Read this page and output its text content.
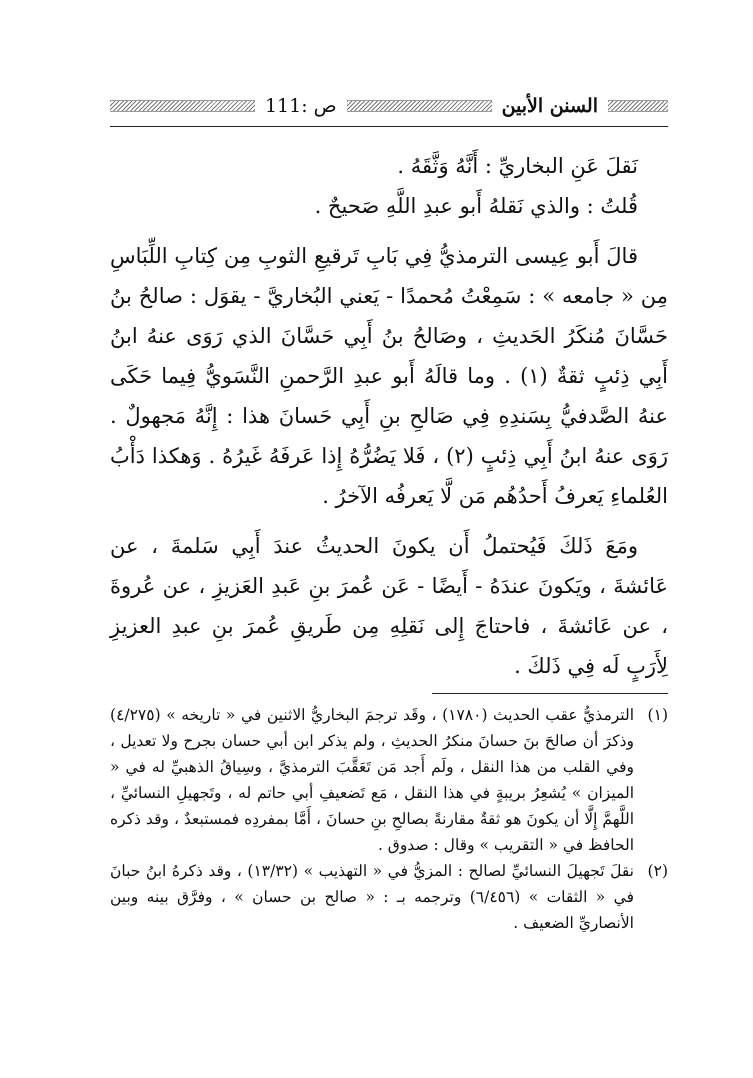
السنن الأبين
ص :111

نَقلَ عَنِ البخاريِّ : أَنَّهُ وَثَّقَهُ .

قُلتُ : والذي نَقلهُ أَبو عبدِ اللَّهِ صَحيحٌ .

قالَ أَبو عِيسى الترمذيُّ فِي بَابِ تَرقيعِ الثوبِ مِن كِتابِ اللِّبَاسِ مِن « جامعه » : سَمِعْتُ مُحمدًا - يَعني البُخاريَّ - يقوَل : صالحُ بنُ حَسَّانَ مُنكَرُ الحَديثِ ، وصَالحُ بنُ أَبِي حَسَّانَ الذي رَوَى عنهُ ابنُ أَبِي ذِئبٍ ثقةٌ (١) . وما قالَهُ أَبو عبدِ الرَّحمنِ النَّسَويُّ فِيما حَكَى عنهُ الصَّدفيُّ بِسَندِهِ فِي صَالحِ بنِ أَبِي حَسانَ هذا : إِنَّهُ مَجهولٌ . رَوَى عنهُ ابنُ أَبِي ذِئبٍ (٢) ، فَلا يَضُرُّهُ إِذا عَرفَهُ غَيرُهُ . وَهكذا دَأْبُ العُلماءِ يَعرفُ أَحدُهُم مَن لَّا يَعرفُه الآخرُ .

ومَعَ ذَلكَ فَيُحتملُ أَن يكونَ الحديثُ عندَ أَبِي سَلمةَ ، عن عَائشةَ ، ويَكونَ عندَهُ - أَيضًا - عَن عُمرَ بنِ عَبدِ العَزيزِ ، عن عُروةَ ، عن عَائشةَ ، فاحتاجَ إِلى نَقلِهِ مِن طَريقِ عُمرَ بنِ عبدِ العزيزِ لِأَرَبٍ لَه فِي ذَلكَ .

(١)
الترمذيُّ عقب الحديث (١٧٨٠) ، وقَد ترجمَ البخاريُّ الاثنين في « تاريخه » (٤/٢٧٥) وذكرَ أن صالحَ بنَ حسانَ منكرُ الحديثِ ، ولم يذكر ابن أبي حسان بجرح ولا تعديل ، وفي القلب من هذا النقل ، ولَم أَجد مَن تَعَقَّبَ الترمذيَّ ، وسِياقُ الذهبيِّ له في « الميزان » يُشعِرُ بريبةٍ في هذا النقل ، مَع تَضعيفِ أبي حاتم له ، وتَجهيلِ النسائيِّ ، اللَّهمَّ إِلَّا أن يكونَ هو ثقةٌ مقارنةً بصالحِ بنِ حسانَ ، أَمَّا بمفردِه فمستبعدٌ ، وقد ذكره الحافظ في « التقريب » وقال : صدوق .
(٢)
نقلَ تَجهيلَ النسائيِّ لصالح : المزيُّ في « التهذيب » (١٣/٣٢) ، وقد ذكرهُ ابنُ حبانَ في « الثقات » (٦/٤٥٦) وترجمه بـ : « صالح بن حسان » ، وفرَّق بينه وبين الأنصاريِّ الضعيف .
